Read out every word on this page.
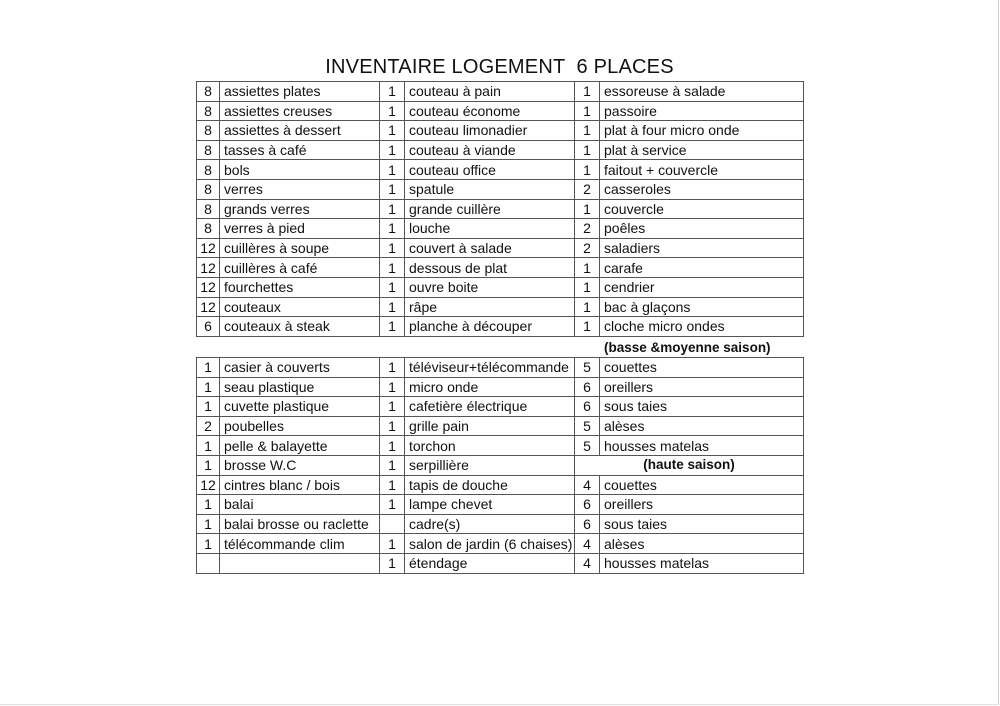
INVENTAIRE LOGEMENT  6 PLACES
8	assiettes plates	1	couteau à pain	1	essoreuse à salade
8	assiettes creuses	1	couteau économe	1	passoire
8	assiettes à dessert	1	couteau limonadier	1	plat à four micro onde
8	tasses à café	1	couteau à viande	1	plat à service
8	bols	1	couteau office	1	faitout + couvercle
8	verres	1	spatule	2	casseroles
8	grands verres	1	grande cuillère	1	couvercle
8	verres à pied	1	louche	2	poêles
12	cuillères à soupe	1	couvert à salade	2	saladiers
12	cuillères à café	1	dessous de plat	1	carafe
12	fourchettes	1	ouvre boite	1	cendrier
12	couteaux	1	râpe	1	bac à glaçons
6	couteaux à steak	1	planche à découper	1	cloche micro ondes
(basse &moyenne saison)
1	casier à couverts	1	téléviseur+télécommande	5	couettes
1	seau plastique	1	micro onde	6	oreillers
1	cuvette plastique	1	cafetière électrique	6	sous taies
2	poubelles	1	grille pain	5	alèses
1	pelle & balayette	1	torchon	5	housses matelas
1	brosse W.C	1	serpillière	(haute saison)	
12	cintres blanc / bois	1	tapis de douche	4	couettes
1	balai	1	lampe chevet	6	oreillers
1	balai brosse ou raclette		cadre(s)	6	sous taies
1	télécommande clim	1	salon de jardin (6 chaises)	4	alèses
		1	étendage	4	housses matelas
